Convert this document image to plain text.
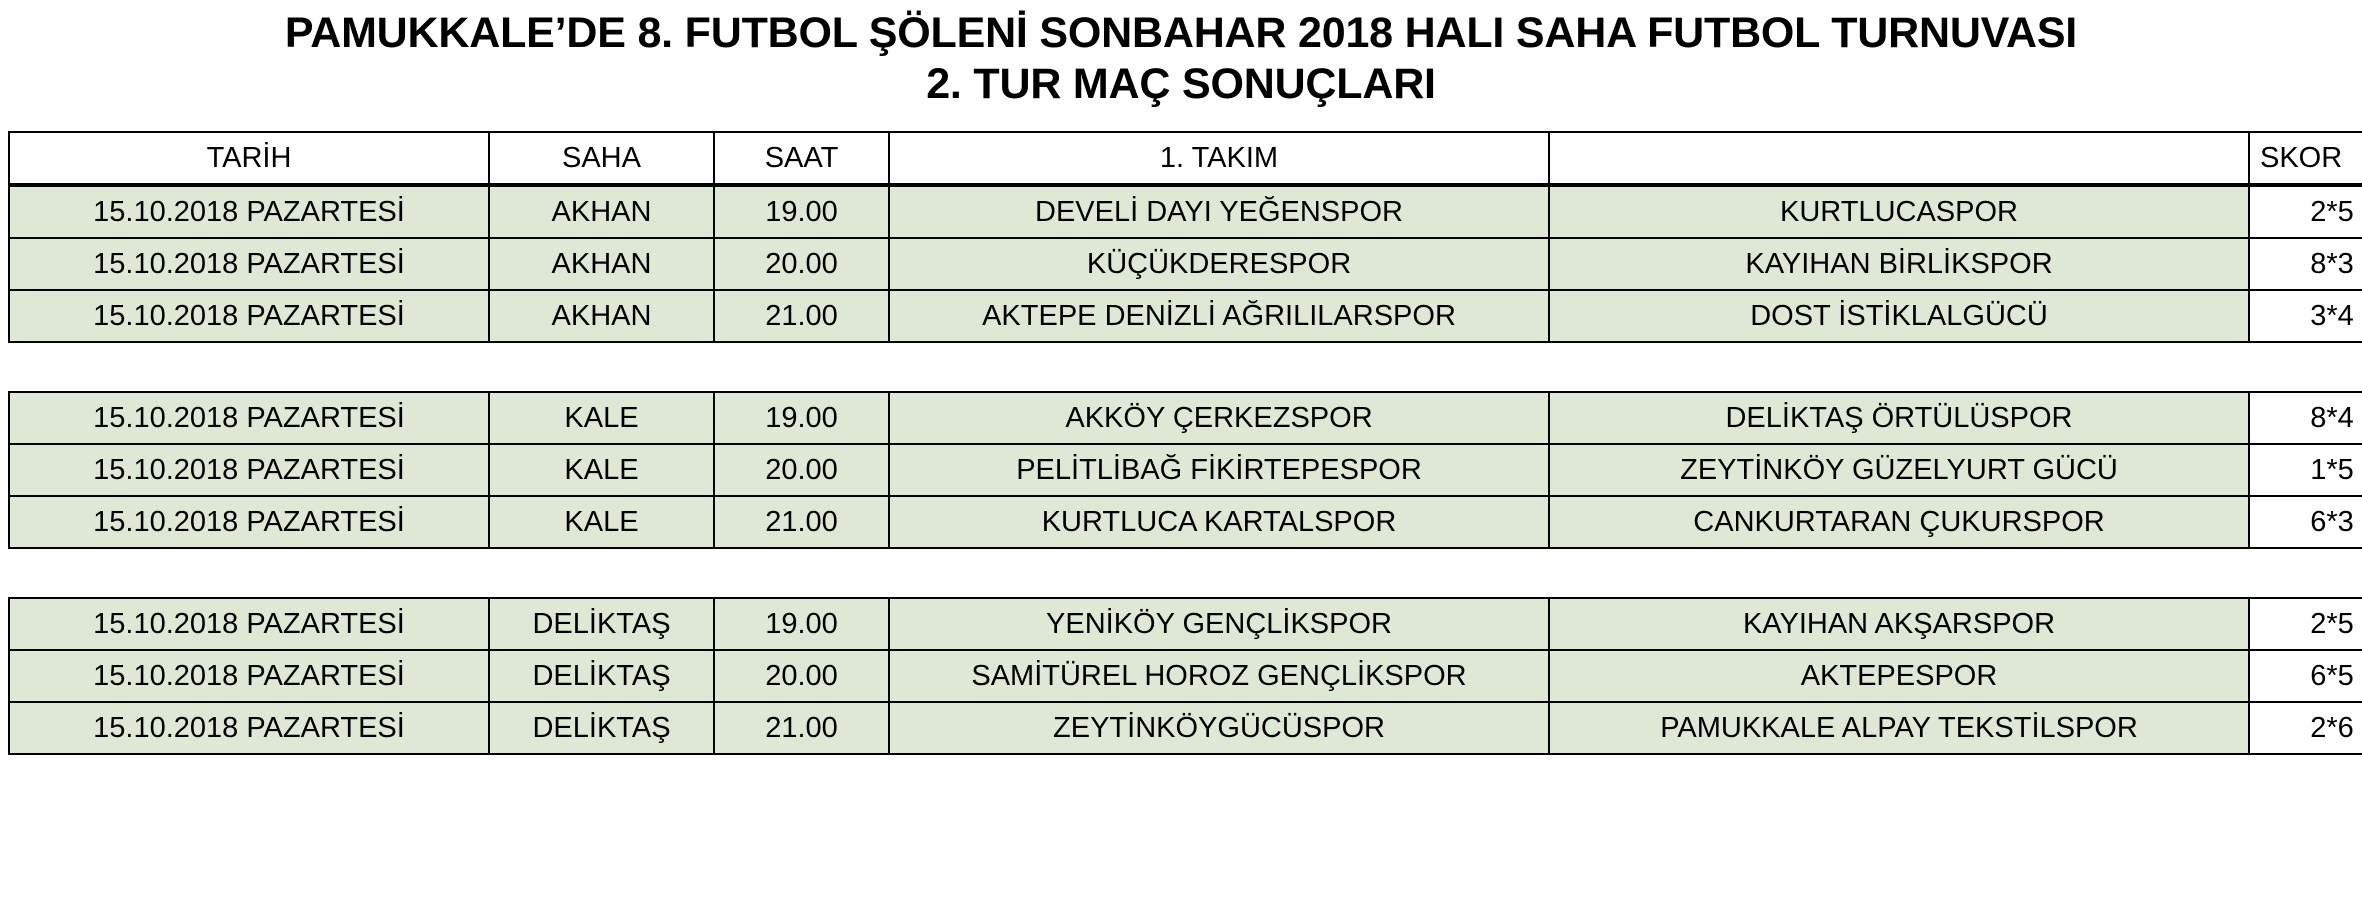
PAMUKKALE’DE 8. FUTBOL ŞÖLENİ SONBAHAR 2018 HALI SAHA FUTBOL TURNUVASI
2. TUR MAÇ SONUÇLARI
TARİH	SAHA	SAAT	1. TAKIM		SKOR
15.10.2018 PAZARTESİ	AKHAN	19.00	DEVELİ DAYI YEĞENSPOR	KURTLUCASPOR	2*5
15.10.2018 PAZARTESİ	AKHAN	20.00	KÜÇÜKDERESPOR	KAYIHAN BİRLİKSPOR	8*3
15.10.2018 PAZARTESİ	AKHAN	21.00	AKTEPE DENİZLİ AĞRILILARSPOR	DOST İSTİKLALGÜCÜ	3*4
15.10.2018 PAZARTESİ	KALE	19.00	AKKÖY ÇERKEZSPOR	DELİKTAŞ ÖRTÜLÜSPOR	8*4
15.10.2018 PAZARTESİ	KALE	20.00	PELİTLİBAĞ FİKİRTEPESPOR	ZEYTİNKÖY GÜZELYURT GÜCÜ	1*5
15.10.2018 PAZARTESİ	KALE	21.00	KURTLUCA KARTALSPOR	CANKURTARAN ÇUKURSPOR	6*3
15.10.2018 PAZARTESİ	DELİKTAŞ	19.00	YENİKÖY GENÇLİKSPOR	KAYIHAN AKŞARSPOR	2*5
15.10.2018 PAZARTESİ	DELİKTAŞ	20.00	SAMİTÜREL HOROZ GENÇLİKSPOR	AKTEPESPOR	6*5
15.10.2018 PAZARTESİ	DELİKTAŞ	21.00	ZEYTİNKÖYGÜCÜSPOR	PAMUKKALE ALPAY TEKSTİLSPOR	2*6
